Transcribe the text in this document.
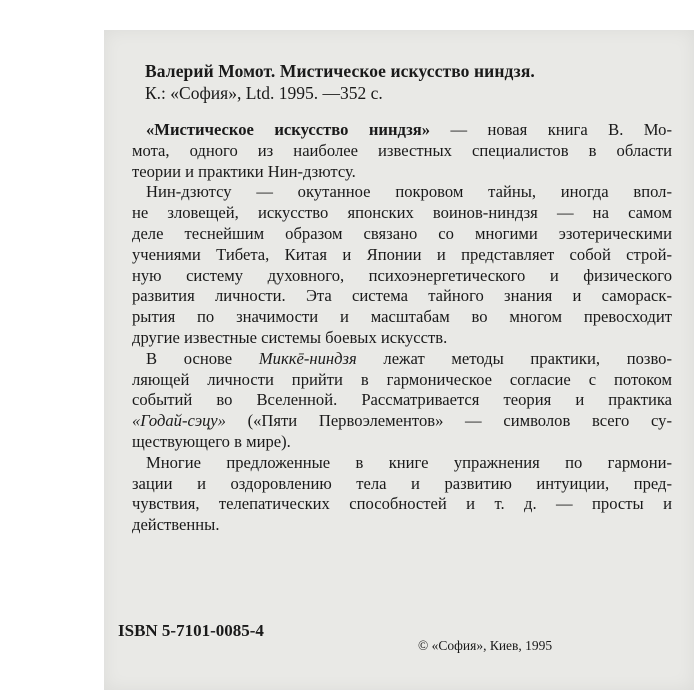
Валерий Момот. Мистическое искусство ниндзя.
К.: «София», Ltd. 1995. —352 с.
«Мистическое искусство ниндзя» — новая книга В. Мо-
мота, одного из наиболее известных специалистов в области
теории и практики Нин-дзютсу.
Нин-дзютсу — окутанное покровом тайны, иногда впол-
не зловещей, искусство японских воинов-ниндзя — на самом
деле теснейшим образом связано со многими эзотерическими
учениями Тибета, Китая и Японии и представляет собой строй-
ную систему духовного, психоэнергетического и физического
развития личности. Эта система тайного знания и самораск-
рытия по значимости и масштабам во многом превосходит
другие известные системы боевых искусств.
В основе Миккē-ниндзя лежат методы практики, позво-
ляющей личности прийти в гармоническое согласие с потоком
событий во Вселенной. Рассматривается теория и практика
«Годай-сэцу» («Пяти Первоэлементов» — символов всего су-
ществующего в мире).
Многие предложенные в книге упражнения по гармони-
зации и оздоровлению тела и развитию интуиции, пред-
чувствия, телепатических способностей и т. д. — просты и
действенны.
ISBN 5-7101-0085-4
© «София», Киев, 1995
